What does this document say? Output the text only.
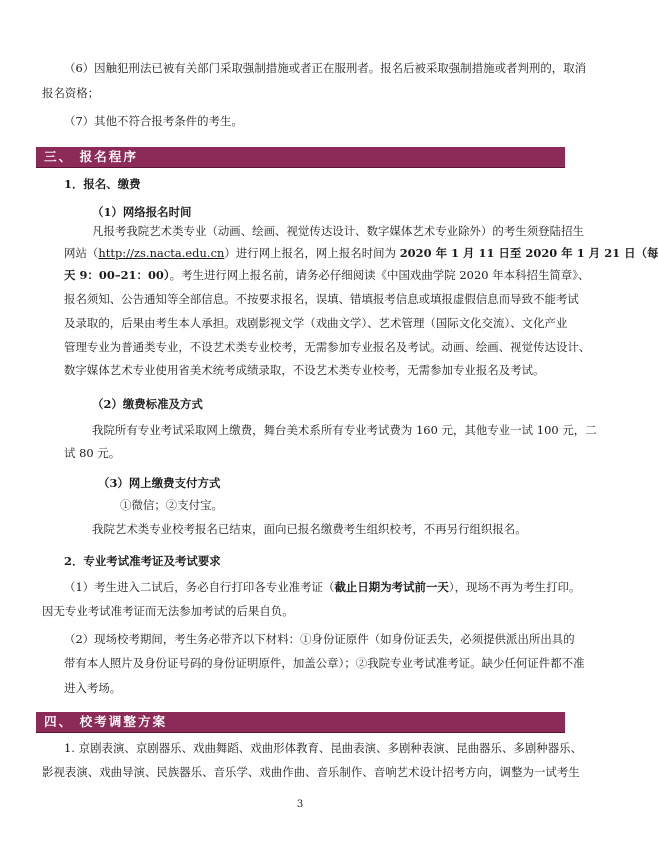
（6）因触犯刑法已被有关部门采取强制措施或者正在服刑者。报名后被采取强制措施或者判刑的，取消

报名资格；

（7）其他不符合报考条件的考生。

三、 报名程序

1．报名、缴费

（1）网络报名时间

凡报考我院艺术类专业（动画、绘画、视觉传达设计、数字媒体艺术专业除外）的考生须登陆招生

网站（http://zs.nacta.edu.cn）进行网上报名，网上报名时间为 2020 年 1 月 11 日至 2020 年 1 月 21 日（每

天 9：00–21：00）。考生进行网上报名前，请务必仔细阅读《中国戏曲学院 2020 年本科招生简章》、

报名须知、公告通知等全部信息。不按要求报名，误填、错填报考信息或填报虚假信息而导致不能考试

及录取的，后果由考生本人承担。戏剧影视文学（戏曲文学）、艺术管理（国际文化交流）、文化产业

管理专业为普通类专业，不设艺术类专业校考，无需参加专业报名及考试。动画、绘画、视觉传达设计、

数字媒体艺术专业使用省美术统考成绩录取，不设艺术类专业校考，无需参加专业报名及考试。

（2）缴费标准及方式

我院所有专业考试采取网上缴费，舞台美术系所有专业考试费为 160 元，其他专业一试 100 元，二

试 80 元。

（3）网上缴费支付方式

①微信；②支付宝。

我院艺术类专业校考报名已结束，面向已报名缴费考生组织校考，不再另行组织报名。

2．专业考试准考证及考试要求

（1）考生进入二试后，务必自行打印各专业准考证（截止日期为考试前一天），现场不再为考生打印。

因无专业考试准考证而无法参加考试的后果自负。

（2）现场校考期间，考生务必带齐以下材料：①身份证原件（如身份证丢失，必须提供派出所出具的

带有本人照片及身份证号码的身份证明原件，加盖公章）；②我院专业考试准考证。缺少任何证件都不准

进入考场。

四、 校考调整方案

1. 京剧表演、京剧器乐、戏曲舞蹈、戏曲形体教育、昆曲表演、多剧种表演、昆曲器乐、多剧种器乐、

影视表演、戏曲导演、民族器乐、音乐学、戏曲作曲、音乐制作、音响艺术设计招考方向，调整为一试考生

3
